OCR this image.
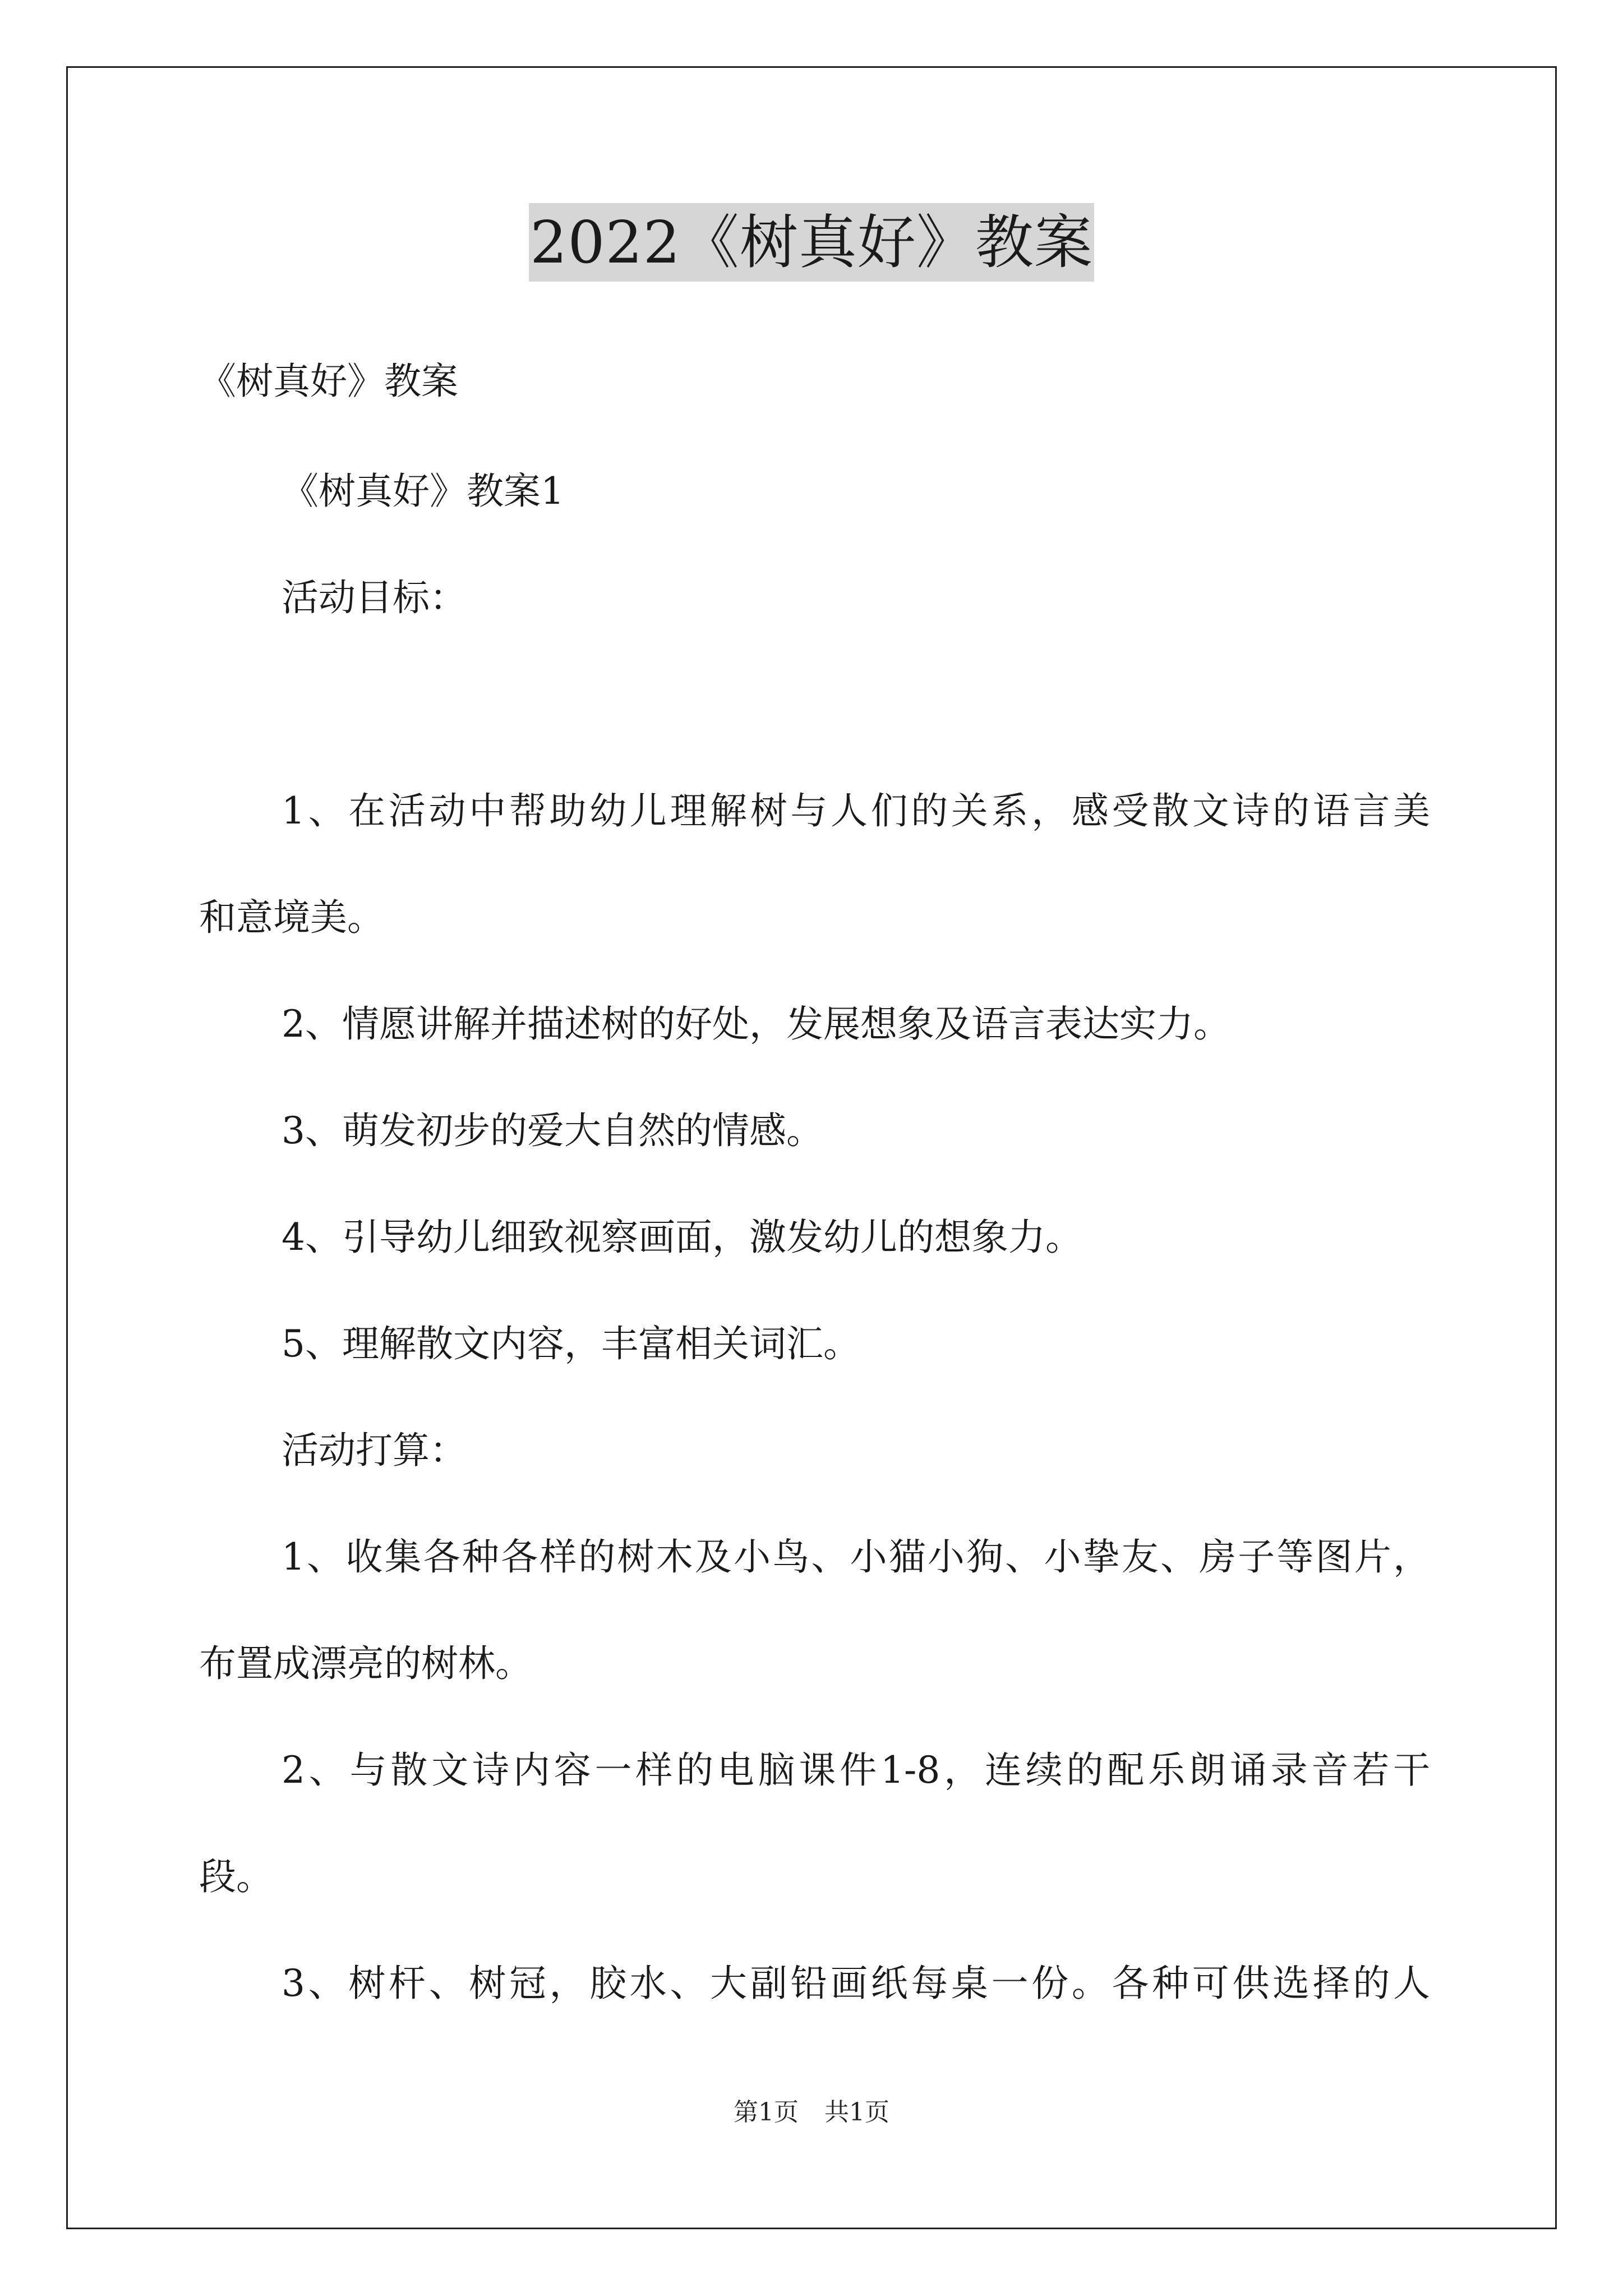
2022《树真好》教案
《树真好》教案
《树真好》教案1
活动目标：
1、在活动中帮助幼儿理解树与人们的关系，感受散文诗的语言美
和意境美。
2、情愿讲解并描述树的好处，发展想象及语言表达实力。
3、萌发初步的爱大自然的情感。
4、引导幼儿细致视察画面，激发幼儿的想象力。
5、理解散文内容，丰富相关词汇。
活动打算：
1、收集各种各样的树木及小鸟、小猫小狗、小挚友、房子等图片，
布置成漂亮的树林。
2、与散文诗内容一样的电脑课件1-8，连续的配乐朗诵录音若干
段。
3、树杆、树冠，胶水、大副铅画纸每桌一份。各种可供选择的人
第1页 共1页
